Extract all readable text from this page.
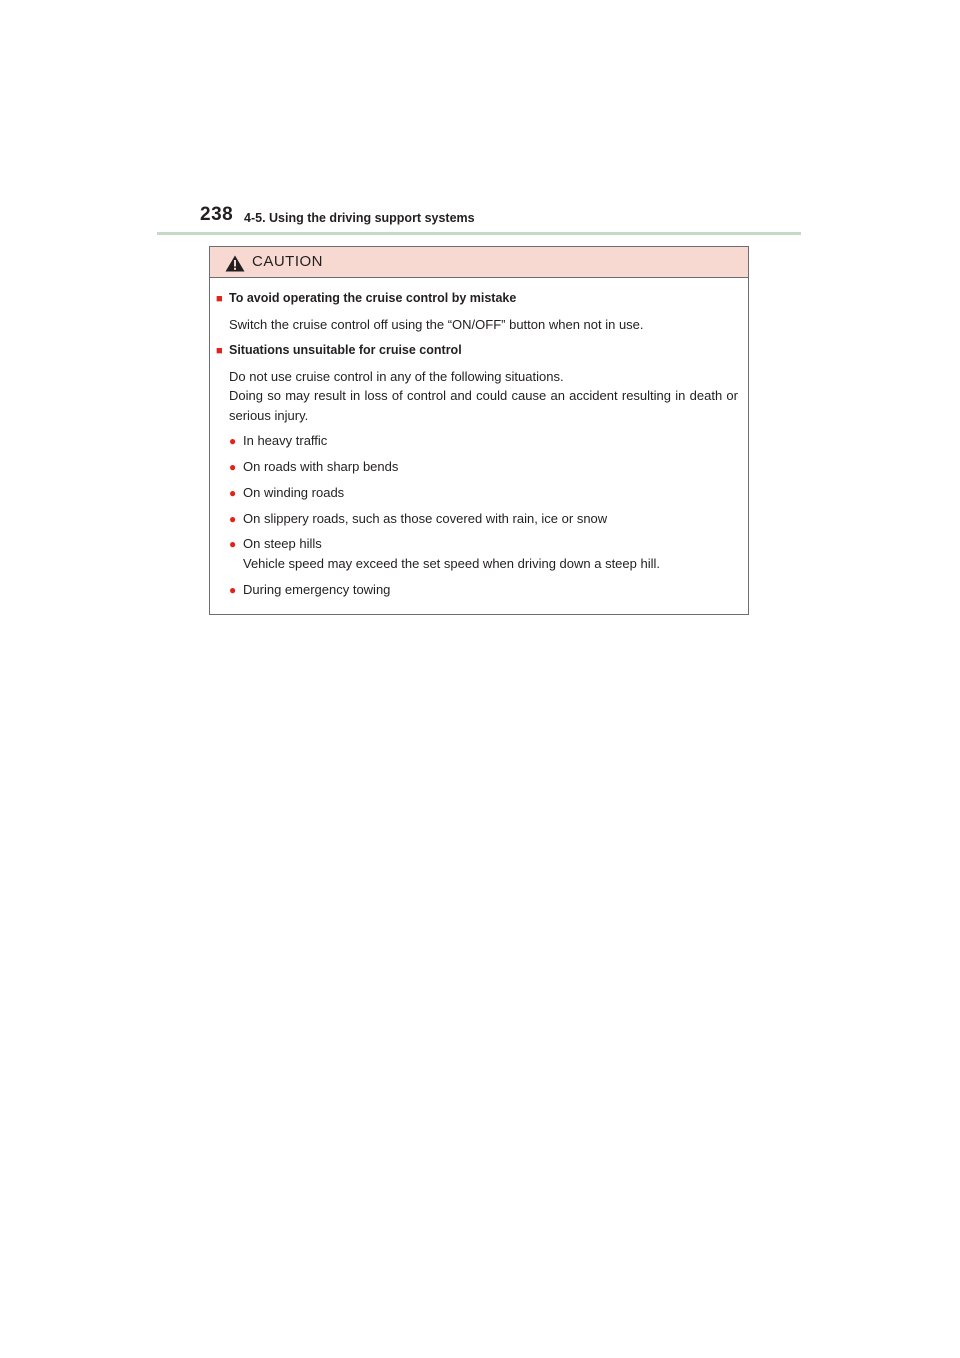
238 4-5. Using the driving support systems
CAUTION
■ To avoid operating the cruise control by mistake
Switch the cruise control off using the “ON/OFF” button when not in use.
■ Situations unsuitable for cruise control
Do not use cruise control in any of the following situations.
Doing so may result in loss of control and could cause an accident resulting in death or serious injury.
● In heavy traffic
● On roads with sharp bends
● On winding roads
● On slippery roads, such as those covered with rain, ice or snow
● On steep hills
Vehicle speed may exceed the set speed when driving down a steep hill.
● During emergency towing
